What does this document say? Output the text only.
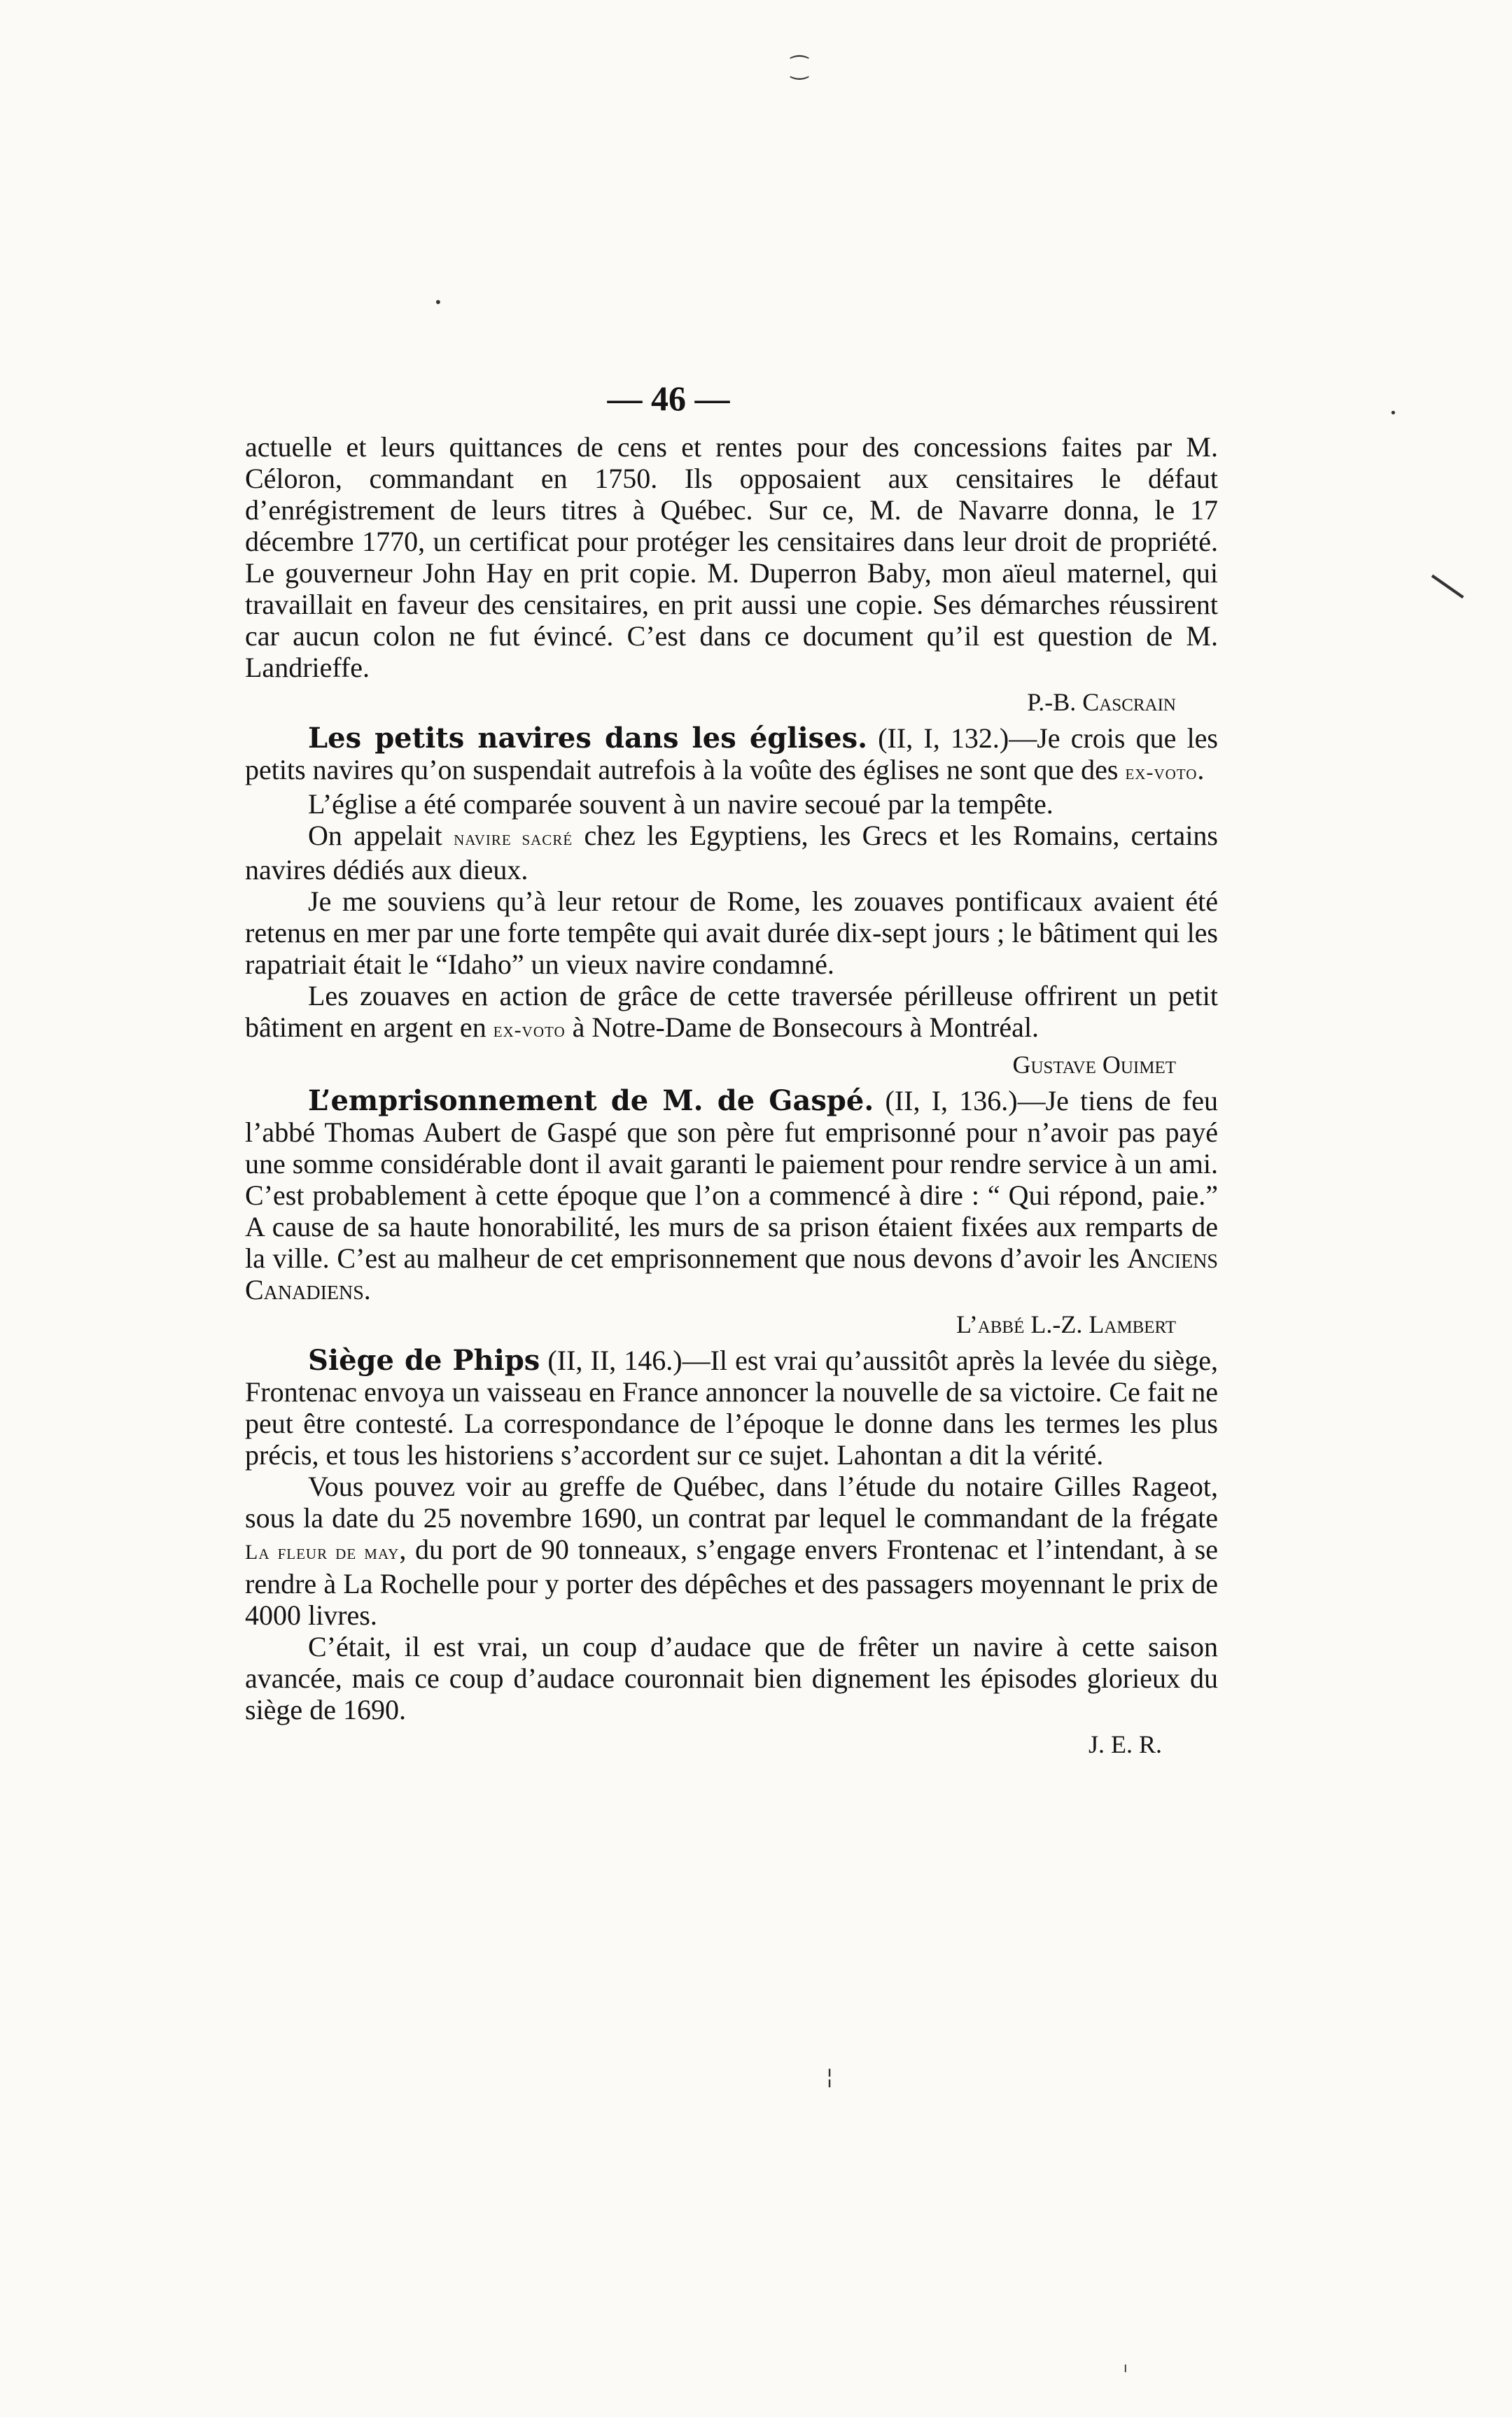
⁐
•
•
—
¦
ı
— 46 —

actuelle et leurs quittances de cens et rentes pour des concessions faites par M. Céloron, commandant en 1750. Ils opposaient aux censitaires le défaut d’enrégistrement de leurs titres à Québec. Sur ce, M. de Navarre donna, le 17 décembre 1770, un certificat pour protéger les censitaires dans leur droit de propriété. Le gouverneur John Hay en prit copie. M. Duperron Baby, mon aïeul maternel, qui travaillait en faveur des censitaires, en prit aussi une copie. Ses démarches réussirent car aucun colon ne fut évincé. C’est dans ce document qu’il est question de M. Landrieffe.

P.-B. Cascrain

Les petits navires dans les églises. (II, I, 132.)—Je crois que les petits navires qu’on suspendait autrefois à la voûte des églises ne sont que des ex-voto.

L’église a été comparée souvent à un navire secoué par la tempête.

On appelait navire sacré chez les Egyptiens, les Grecs et les Romains, certains navires dédiés aux dieux.

Je me souviens qu’à leur retour de Rome, les zouaves pontificaux avaient été retenus en mer par une forte tempête qui avait durée dix-sept jours ; le bâtiment qui les rapatriait était le “Idaho” un vieux navire condamné.

Les zouaves en action de grâce de cette traversée périlleuse offrirent un petit bâtiment en argent en ex-voto à Notre-Dame de Bonsecours à Montréal.

Gustave Ouimet

L’emprisonnement de M. de Gaspé. (II, I, 136.)—Je tiens de feu l’abbé Thomas Aubert de Gaspé que son père fut emprisonné pour n’avoir pas payé une somme considérable dont il avait garanti le paiement pour rendre service à un ami. C’est probablement à cette époque que l’on a commencé à dire : “ Qui répond, paie.” A cause de sa haute honorabilité, les murs de sa prison étaient fixées aux remparts de la ville. C’est au malheur de cet emprisonnement que nous devons d’avoir les Anciens Canadiens.

L’abbé L.-Z. Lambert

Siège de Phips (II, II, 146.)—Il est vrai qu’aussitôt après la levée du siège, Frontenac envoya un vaisseau en France annoncer la nouvelle de sa victoire. Ce fait ne peut être contesté. La correspondance de l’époque le donne dans les termes les plus précis, et tous les historiens s’accordent sur ce sujet. Lahontan a dit la vérité.

Vous pouvez voir au greffe de Québec, dans l’étude du notaire Gilles Rageot, sous la date du 25 novembre 1690, un contrat par lequel le commandant de la frégate La fleur de may, du port de 90 tonneaux, s’engage envers Frontenac et l’intendant, à se rendre à La Rochelle pour y porter des dépêches et des passagers moyennant le prix de 4000 livres.

C’était, il est vrai, un coup d’audace que de frêter un navire à cette saison avancée, mais ce coup d’audace couronnait bien dignement les épisodes glorieux du siège de 1690.

J. E. R.
